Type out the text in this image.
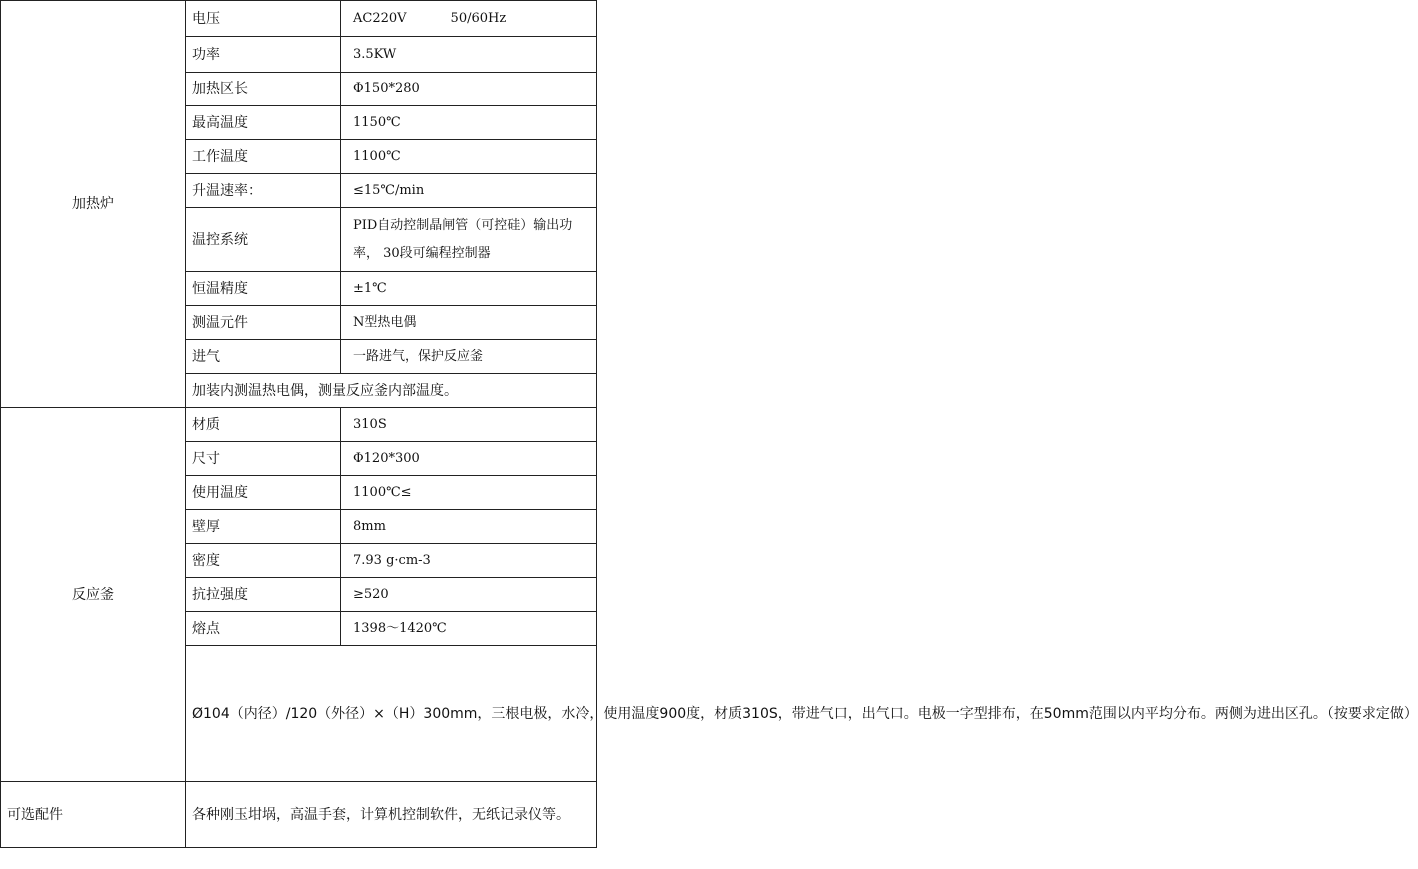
加热炉	电压	AC220V 50/60Hz
	功率	3.5KW
	加热区长	Φ150*280
	最高温度	1150℃
	工作温度	1100℃
	升温速率：	≤15℃/min
	温控系统	PID自动控制晶闸管（可控硅）输出功率， 30段可编程控制器
	恒温精度	±1℃
	测温元件	N型热电偶
	进气	一路进气，保护反应釜
	加装内测温热电偶，测量反应釜内部温度。	
反应釜	材质	310S
	尺寸	Φ120*300
	使用温度	1100℃≤
	壁厚	8mm
	密度	7.93 g·cm-3
	抗拉强度	≥520
	熔点	1398～1420℃
	Ø104（内径）/120（外径）×（H）300mm，三根电极，水冷，使用温度900度，材质310S，带进气口，出气口。电极一字型排布，在50mm范围以内平均分布。两侧为进出区孔。（按要求定做）	
可选配件	各种刚玉坩埚，高温手套，计算机控制软件，无纸记录仪等。	
